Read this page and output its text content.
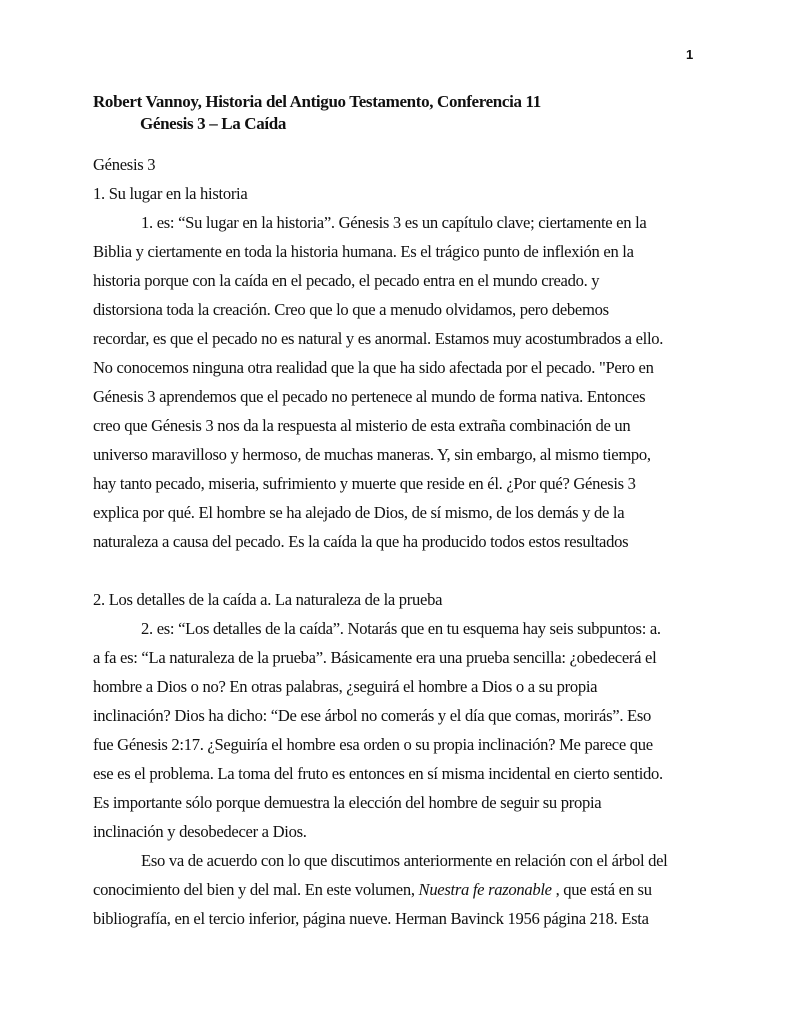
1
Robert Vannoy, Historia del Antiguo Testamento, Conferencia 11
Génesis 3 – La Caída
Génesis 3
1. Su lugar en la historia
1. es: “Su lugar en la historia”. Génesis 3 es un capítulo clave; ciertamente en la
Biblia y ciertamente en toda la historia humana. Es el trágico punto de inflexión en la
historia porque con la caída en el pecado, el pecado entra en el mundo creado. y
distorsiona toda la creación. Creo que lo que a menudo olvidamos, pero debemos
recordar, es que el pecado no es natural y es anormal. Estamos muy acostumbrados a ello.
No conocemos ninguna otra realidad que la que ha sido afectada por el pecado. "Pero en
Génesis 3 aprendemos que el pecado no pertenece al mundo de forma nativa. Entonces
creo que Génesis 3 nos da la respuesta al misterio de esta extraña combinación de un
universo maravilloso y hermoso, de muchas maneras. Y, sin embargo, al mismo tiempo,
hay tanto pecado, miseria, sufrimiento y muerte que reside en él. ¿Por qué? Génesis 3
explica por qué. El hombre se ha alejado de Dios, de sí mismo, de los demás y de la
naturaleza a causa del pecado. Es la caída la que ha producido todos estos resultados
2. Los detalles de la caída a. La naturaleza de la prueba
2. es: “Los detalles de la caída”. Notarás que en tu esquema hay seis subpuntos: a.
a fa es: “La naturaleza de la prueba”. Básicamente era una prueba sencilla: ¿obedecerá el
hombre a Dios o no? En otras palabras, ¿seguirá el hombre a Dios o a su propia
inclinación? Dios ha dicho: “De ese árbol no comerás y el día que comas, morirás”. Eso
fue Génesis 2:17. ¿Seguiría el hombre esa orden o su propia inclinación? Me parece que
ese es el problema. La toma del fruto es entonces en sí misma incidental en cierto sentido.
Es importante sólo porque demuestra la elección del hombre de seguir su propia
inclinación y desobedecer a Dios.
Eso va de acuerdo con lo que discutimos anteriormente en relación con el árbol del
conocimiento del bien y del mal. En este volumen, Nuestra fe razonable , que está en su
bibliografía, en el tercio inferior, página nueve. Herman Bavinck 1956 página 218. Esta
